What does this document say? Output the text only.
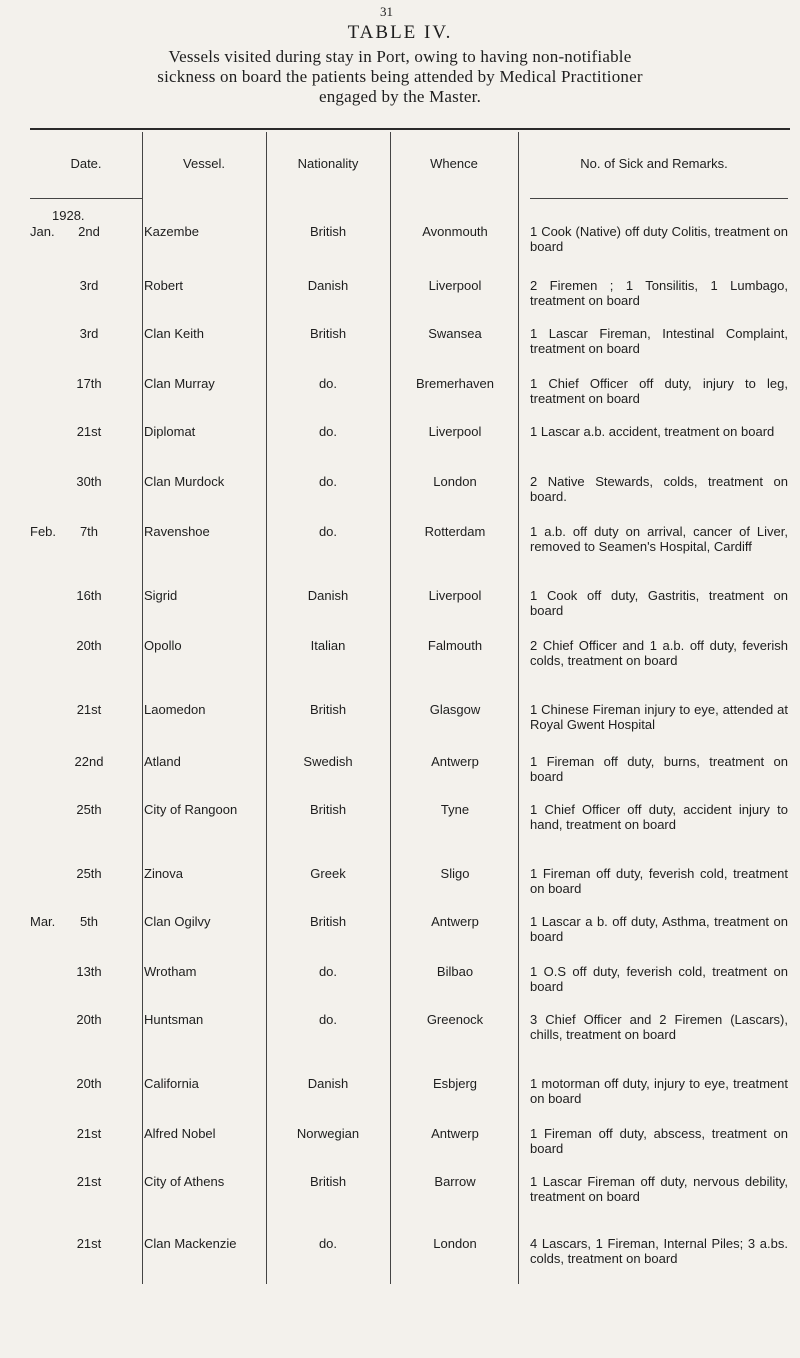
31
TABLE IV.
Vessels visited during stay in Port, owing to having non-notifiable
sickness on board the patients being attended by Medical Practitioner
engaged by the Master.
Date.	Vessel.	Nationality	Whence	No. of Sick and Remarks.
1928.
Jan.	2nd	Kazembe	British	Avonmouth	1 Cook (Native) off duty Colitis, treatment on board
3rd	Robert	Danish	Liverpool	2 Firemen ; 1 Tonsilitis, 1 Lumbago, treatment on board
3rd	Clan Keith	British	Swansea	1 Lascar Fireman, Intestinal Complaint, treatment on board
17th	Clan Murray	do.	Bremerhaven	1 Chief Officer off duty, injury to leg, treatment on board
21st	Diplomat	do.	Liverpool	1 Lascar a.b. accident, treatment on board
30th	Clan Murdock	do.	London	2 Native Stewards, colds, treatment on board.
Feb.	7th	Ravenshoe	do.	Rotterdam	1 a.b. off duty on arrival, cancer of Liver, removed to Seamen's Hospital, Cardiff
16th	Sigrid	Danish	Liverpool	1 Cook off duty, Gastritis, treatment on board
20th	Opollo	Italian	Falmouth	2 Chief Officer and 1 a.b. off duty, feverish colds, treatment on board
21st	Laomedon	British	Glasgow	1 Chinese Fireman injury to eye, attended at Royal Gwent Hospital
22nd	Atland	Swedish	Antwerp	1 Fireman off duty, burns, treatment on board
25th	City of Rangoon	British	Tyne	1 Chief Officer off duty, accident injury to hand, treatment on board
25th	Zinova	Greek	Sligo	1 Fireman off duty, feverish cold, treatment on board
Mar.	5th	Clan Ogilvy	British	Antwerp	1 Lascar a b. off duty, Asthma, treatment on board
13th	Wrotham	do.	Bilbao	1 O.S off duty, feverish cold, treatment on board
20th	Huntsman	do.	Greenock	3 Chief Officer and 2 Firemen (Lascars), chills, treatment on board
20th	California	Danish	Esbjerg	1 motorman off duty, injury to eye, treatment on board
21st	Alfred Nobel	Norwegian	Antwerp	1 Fireman off duty, abscess, treatment on board
21st	City of Athens	British	Barrow	1 Lascar Fireman off duty, nervous debility, treatment on board
21st	Clan Mackenzie	do.	London	4 Lascars, 1 Fireman, Internal Piles; 3 a.bs. colds, treatment on board
